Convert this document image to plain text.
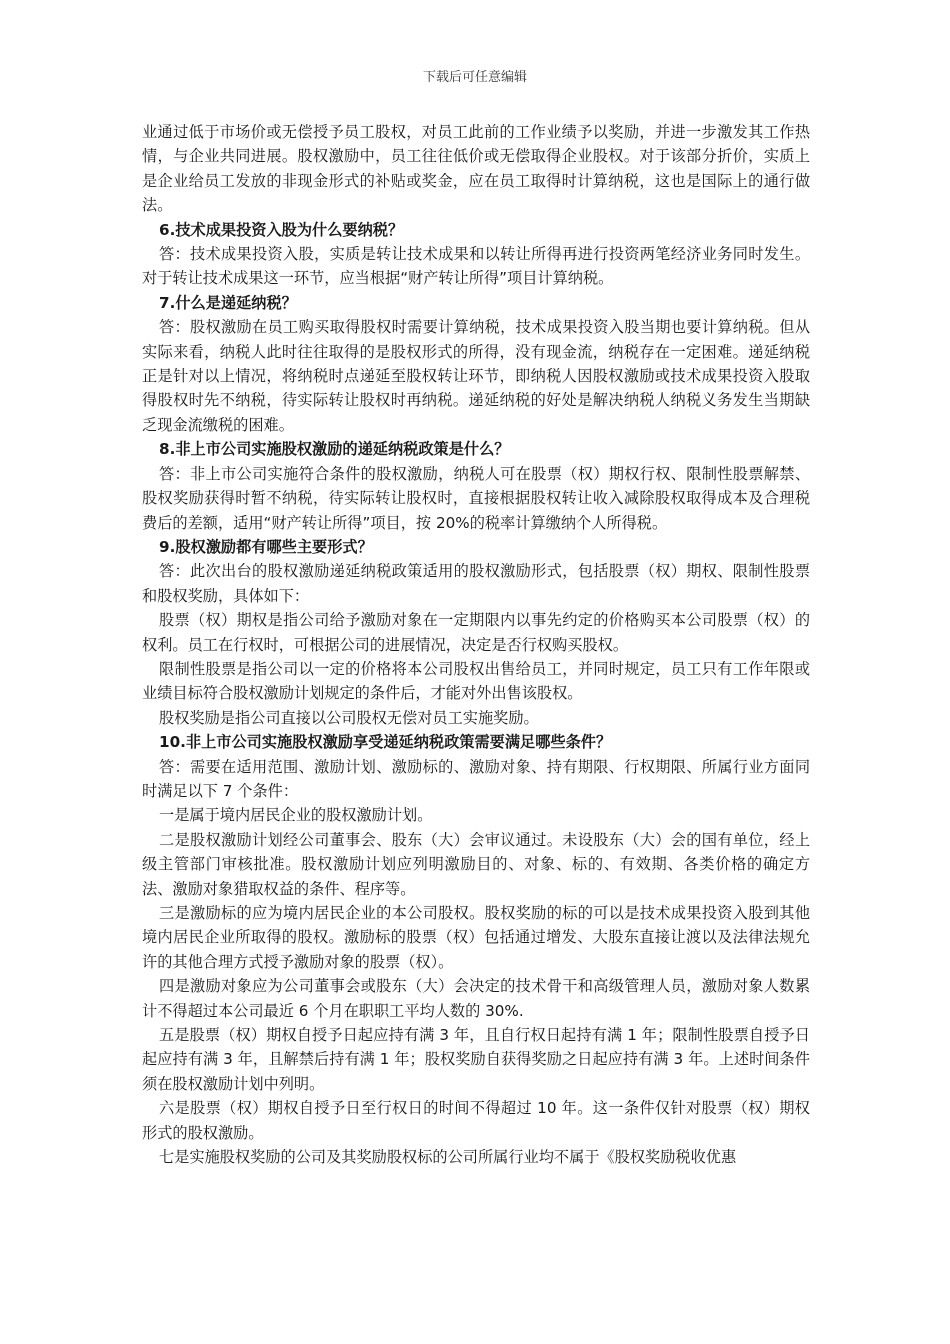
下载后可任意编辑

业通过低于市场价或无偿授予员工股权，对员工此前的工作业绩予以奖励，并进一步激发其工作热情，与企业共同进展。股权激励中，员工往往低价或无偿取得企业股权。对于该部分折价，实质上是企业给员工发放的非现金形式的补贴或奖金，应在员工取得时计算纳税，这也是国际上的通行做法。

6.技术成果投资入股为什么要纳税？

答：技术成果投资入股，实质是转让技术成果和以转让所得再进行投资两笔经济业务同时发生。对于转让技术成果这一环节，应当根据“财产转让所得”项目计算纳税。

7.什么是递延纳税？

答：股权激励在员工购买取得股权时需要计算纳税，技术成果投资入股当期也要计算纳税。但从实际来看，纳税人此时往往取得的是股权形式的所得，没有现金流，纳税存在一定困难。递延纳税正是针对以上情况，将纳税时点递延至股权转让环节，即纳税人因股权激励或技术成果投资入股取得股权时先不纳税，待实际转让股权时再纳税。递延纳税的好处是解决纳税人纳税义务发生当期缺乏现金流缴税的困难。

8.非上市公司实施股权激励的递延纳税政策是什么？

答：非上市公司实施符合条件的股权激励，纳税人可在股票（权）期权行权、限制性股票解禁、股权奖励获得时暂不纳税，待实际转让股权时，直接根据股权转让收入减除股权取得成本及合理税费后的差额，适用“财产转让所得”项目，按 20%的税率计算缴纳个人所得税。

9.股权激励都有哪些主要形式？

答：此次出台的股权激励递延纳税政策适用的股权激励形式，包括股票（权）期权、限制性股票和股权奖励，具体如下：

股票（权）期权是指公司给予激励对象在一定期限内以事先约定的价格购买本公司股票（权）的权利。员工在行权时，可根据公司的进展情况，决定是否行权购买股权。

限制性股票是指公司以一定的价格将本公司股权出售给员工，并同时规定，员工只有工作年限或业绩目标符合股权激励计划规定的条件后，才能对外出售该股权。

股权奖励是指公司直接以公司股权无偿对员工实施奖励。

10.非上市公司实施股权激励享受递延纳税政策需要满足哪些条件？

答：需要在适用范围、激励计划、激励标的、激励对象、持有期限、行权期限、所属行业方面同时满足以下 7 个条件：

一是属于境内居民企业的股权激励计划。

二是股权激励计划经公司董事会、股东（大）会审议通过。未设股东（大）会的国有单位，经上级主管部门审核批准。股权激励计划应列明激励目的、对象、标的、有效期、各类价格的确定方法、激励对象猎取权益的条件、程序等。

三是激励标的应为境内居民企业的本公司股权。股权奖励的标的可以是技术成果投资入股到其他境内居民企业所取得的股权。激励标的股票（权）包括通过增发、大股东直接让渡以及法律法规允许的其他合理方式授予激励对象的股票（权）。

四是激励对象应为公司董事会或股东（大）会决定的技术骨干和高级管理人员，激励对象人数累计不得超过本公司最近 6 个月在职职工平均人数的 30%.

五是股票（权）期权自授予日起应持有满 3 年，且自行权日起持有满 1 年；限制性股票自授予日起应持有满 3 年，且解禁后持有满 1 年；股权奖励自获得奖励之日起应持有满 3 年。上述时间条件须在股权激励计划中列明。

六是股票（权）期权自授予日至行权日的时间不得超过 10 年。这一条件仅针对股票（权）期权形式的股权激励。

七是实施股权奖励的公司及其奖励股权标的公司所属行业均不属于《股权奖励税收优惠
